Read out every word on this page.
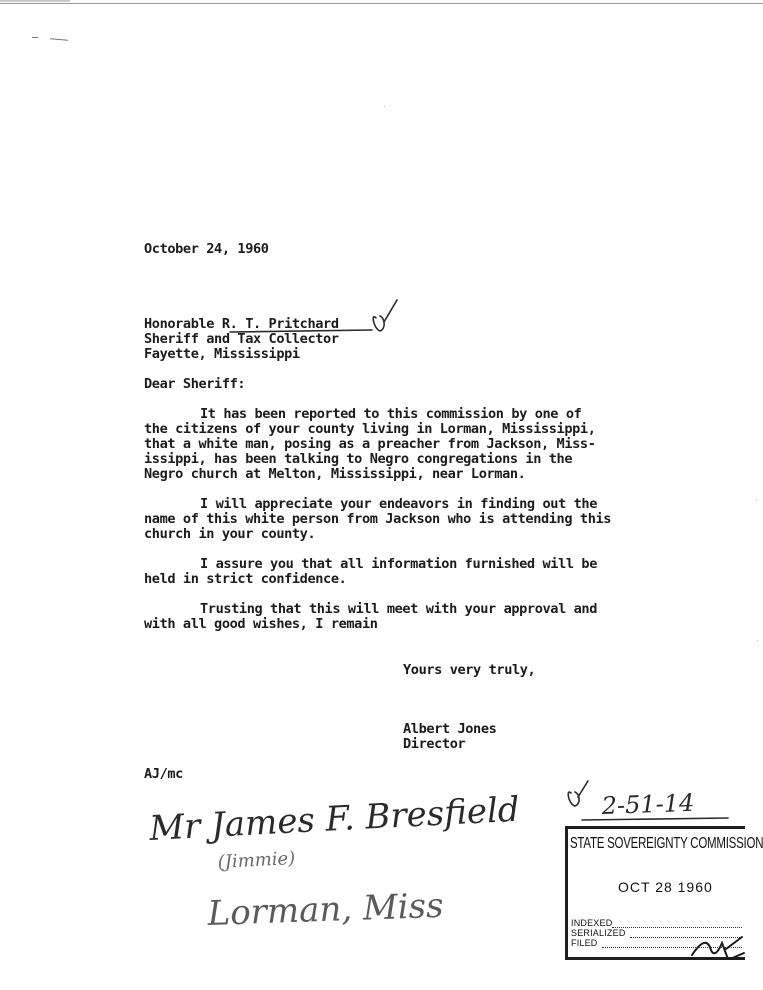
October 24, 1960

Honorable R. T. Pritchard

Sheriff and Tax Collector

Fayette, Mississippi

Dear Sheriff:

It has been reported to this commission by one of

the citizens of your county living in Lorman, Mississippi,

that a white man, posing as a preacher from Jackson, Miss-

issippi, has been talking to Negro congregations in the

Negro church at Melton, Mississippi, near Lorman.

I will appreciate your endeavors in finding out the

name of this white person from Jackson who is attending this

church in your county.

I assure you that all information furnished will be

held in strict confidence.

Trusting that this will meet with your approval and

with all good wishes, I remain

Yours very truly,

Albert Jones

Director

AJ/mc

Mr James F. Bresfield
(Jimmie)
Lorman, Miss
2-51-14
STATE SOVEREIGNTY COMMISSION
OCT 28 1960
INDEXED
SERIALIZED
FILED
